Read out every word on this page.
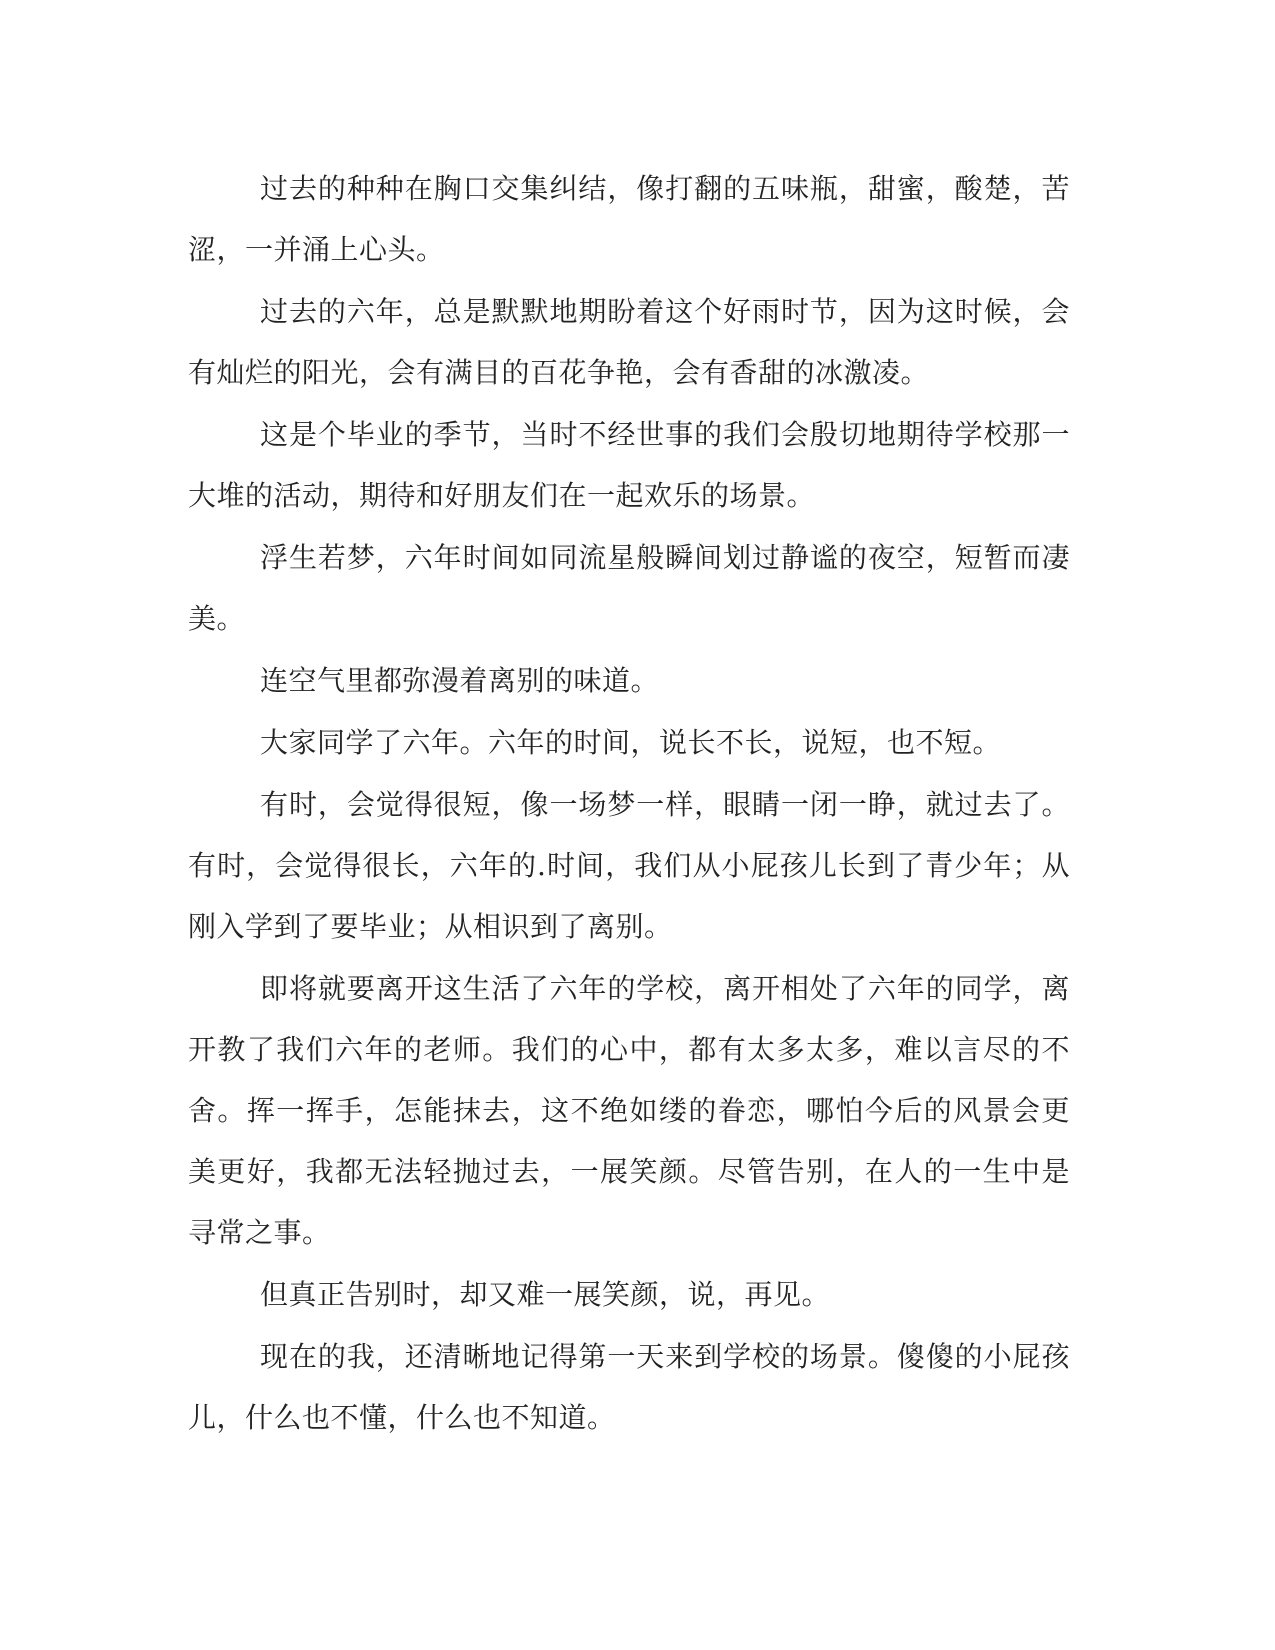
过去的种种在胸口交集纠结，像打翻的五味瓶，甜蜜，酸楚，苦涩，一并涌上心头。

过去的六年，总是默默地期盼着这个好雨时节，因为这时候，会有灿烂的阳光，会有满目的百花争艳，会有香甜的冰激凌。

这是个毕业的季节，当时不经世事的我们会殷切地期待学校那一大堆的活动，期待和好朋友们在一起欢乐的场景。

浮生若梦，六年时间如同流星般瞬间划过静谧的夜空，短暂而凄美。

连空气里都弥漫着离别的味道。

大家同学了六年。六年的时间，说长不长，说短，也不短。

有时，会觉得很短，像一场梦一样，眼睛一闭一睁，就过去了。有时，会觉得很长，六年的.时间，我们从小屁孩儿长到了青少年；从刚入学到了要毕业；从相识到了离别。

即将就要离开这生活了六年的学校，离开相处了六年的同学，离开教了我们六年的老师。我们的心中，都有太多太多，难以言尽的不舍。挥一挥手，怎能抹去，这不绝如缕的眷恋，哪怕今后的风景会更美更好，我都无法轻抛过去，一展笑颜。尽管告别，在人的一生中是寻常之事。

但真正告别时，却又难一展笑颜，说，再见。

现在的我，还清晰地记得第一天来到学校的场景。傻傻的小屁孩儿，什么也不懂，什么也不知道。
